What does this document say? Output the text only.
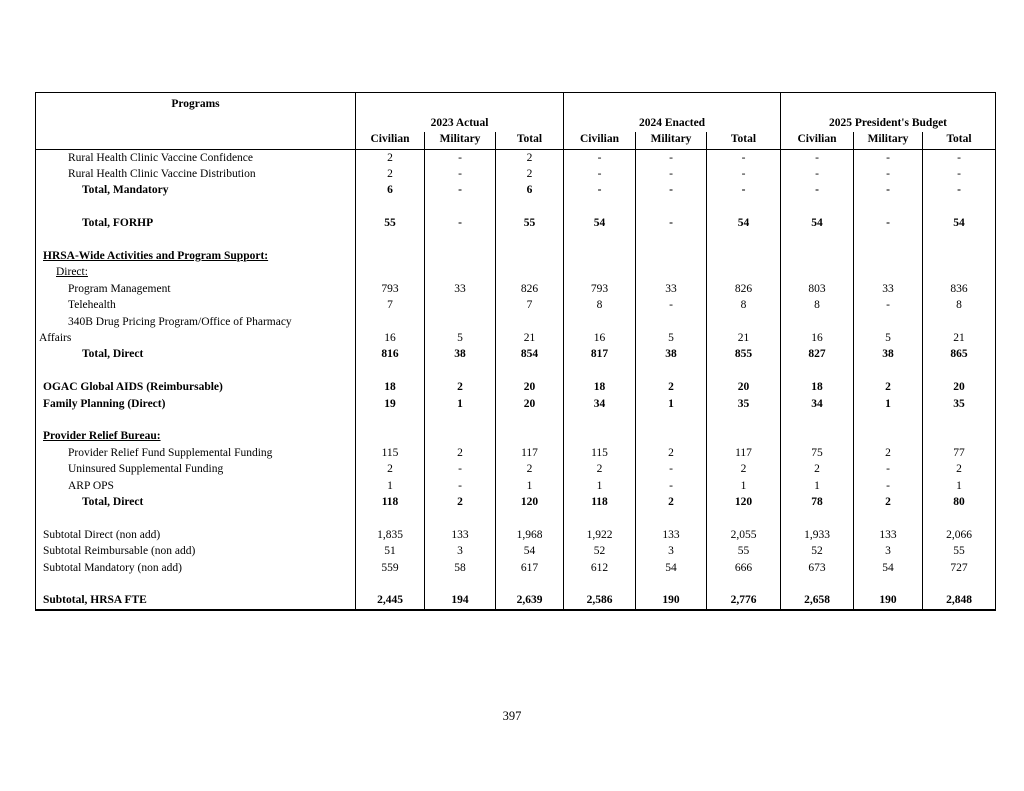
Programs	2023 Actual			2024 Enacted			2025 President's Budget		
	Civilian	Military	Total	Civilian	Military	Total	Civilian	Military	Total
Rural Health Clinic Vaccine Confidence	2	-	2	-	-	-	-	-	-
Rural Health Clinic Vaccine Distribution	2	-	2	-	-	-	-	-	-
Total, Mandatory	6	-	6	-	-	-	-	-	-

Total, FORHP	55	-	55	54	-	54	54	-	54

HRSA-Wide Activities and Program Support:									
Direct:									
Program Management	793	33	826	793	33	826	803	33	836
Telehealth	7		7	8	-	8	8	-	8
340B Drug Pricing Program/Office of Pharmacy									
Affairs	16	5	21	16	5	21	16	5	21
Total, Direct	816	38	854	817	38	855	827	38	865

OGAC Global AIDS (Reimbursable)	18	2	20	18	2	20	18	2	20
Family Planning (Direct)	19	1	20	34	1	35	34	1	35

Provider Relief Bureau:									
Provider Relief Fund Supplemental Funding	115	2	117	115	2	117	75	2	77
Uninsured Supplemental Funding	2	-	2	2	-	2	2	-	2
ARP OPS	1	-	1	1	-	1	1	-	1
Total, Direct	118	2	120	118	2	120	78	2	80

Subtotal Direct (non add)	1,835	133	1,968	1,922	133	2,055	1,933	133	2,066
Subtotal Reimbursable (non add)	51	3	54	52	3	55	52	3	55
Subtotal Mandatory (non add)	559	58	617	612	54	666	673	54	727

Subtotal, HRSA FTE	2,445	194	2,639	2,586	190	2,776	2,658	190	2,848
397
